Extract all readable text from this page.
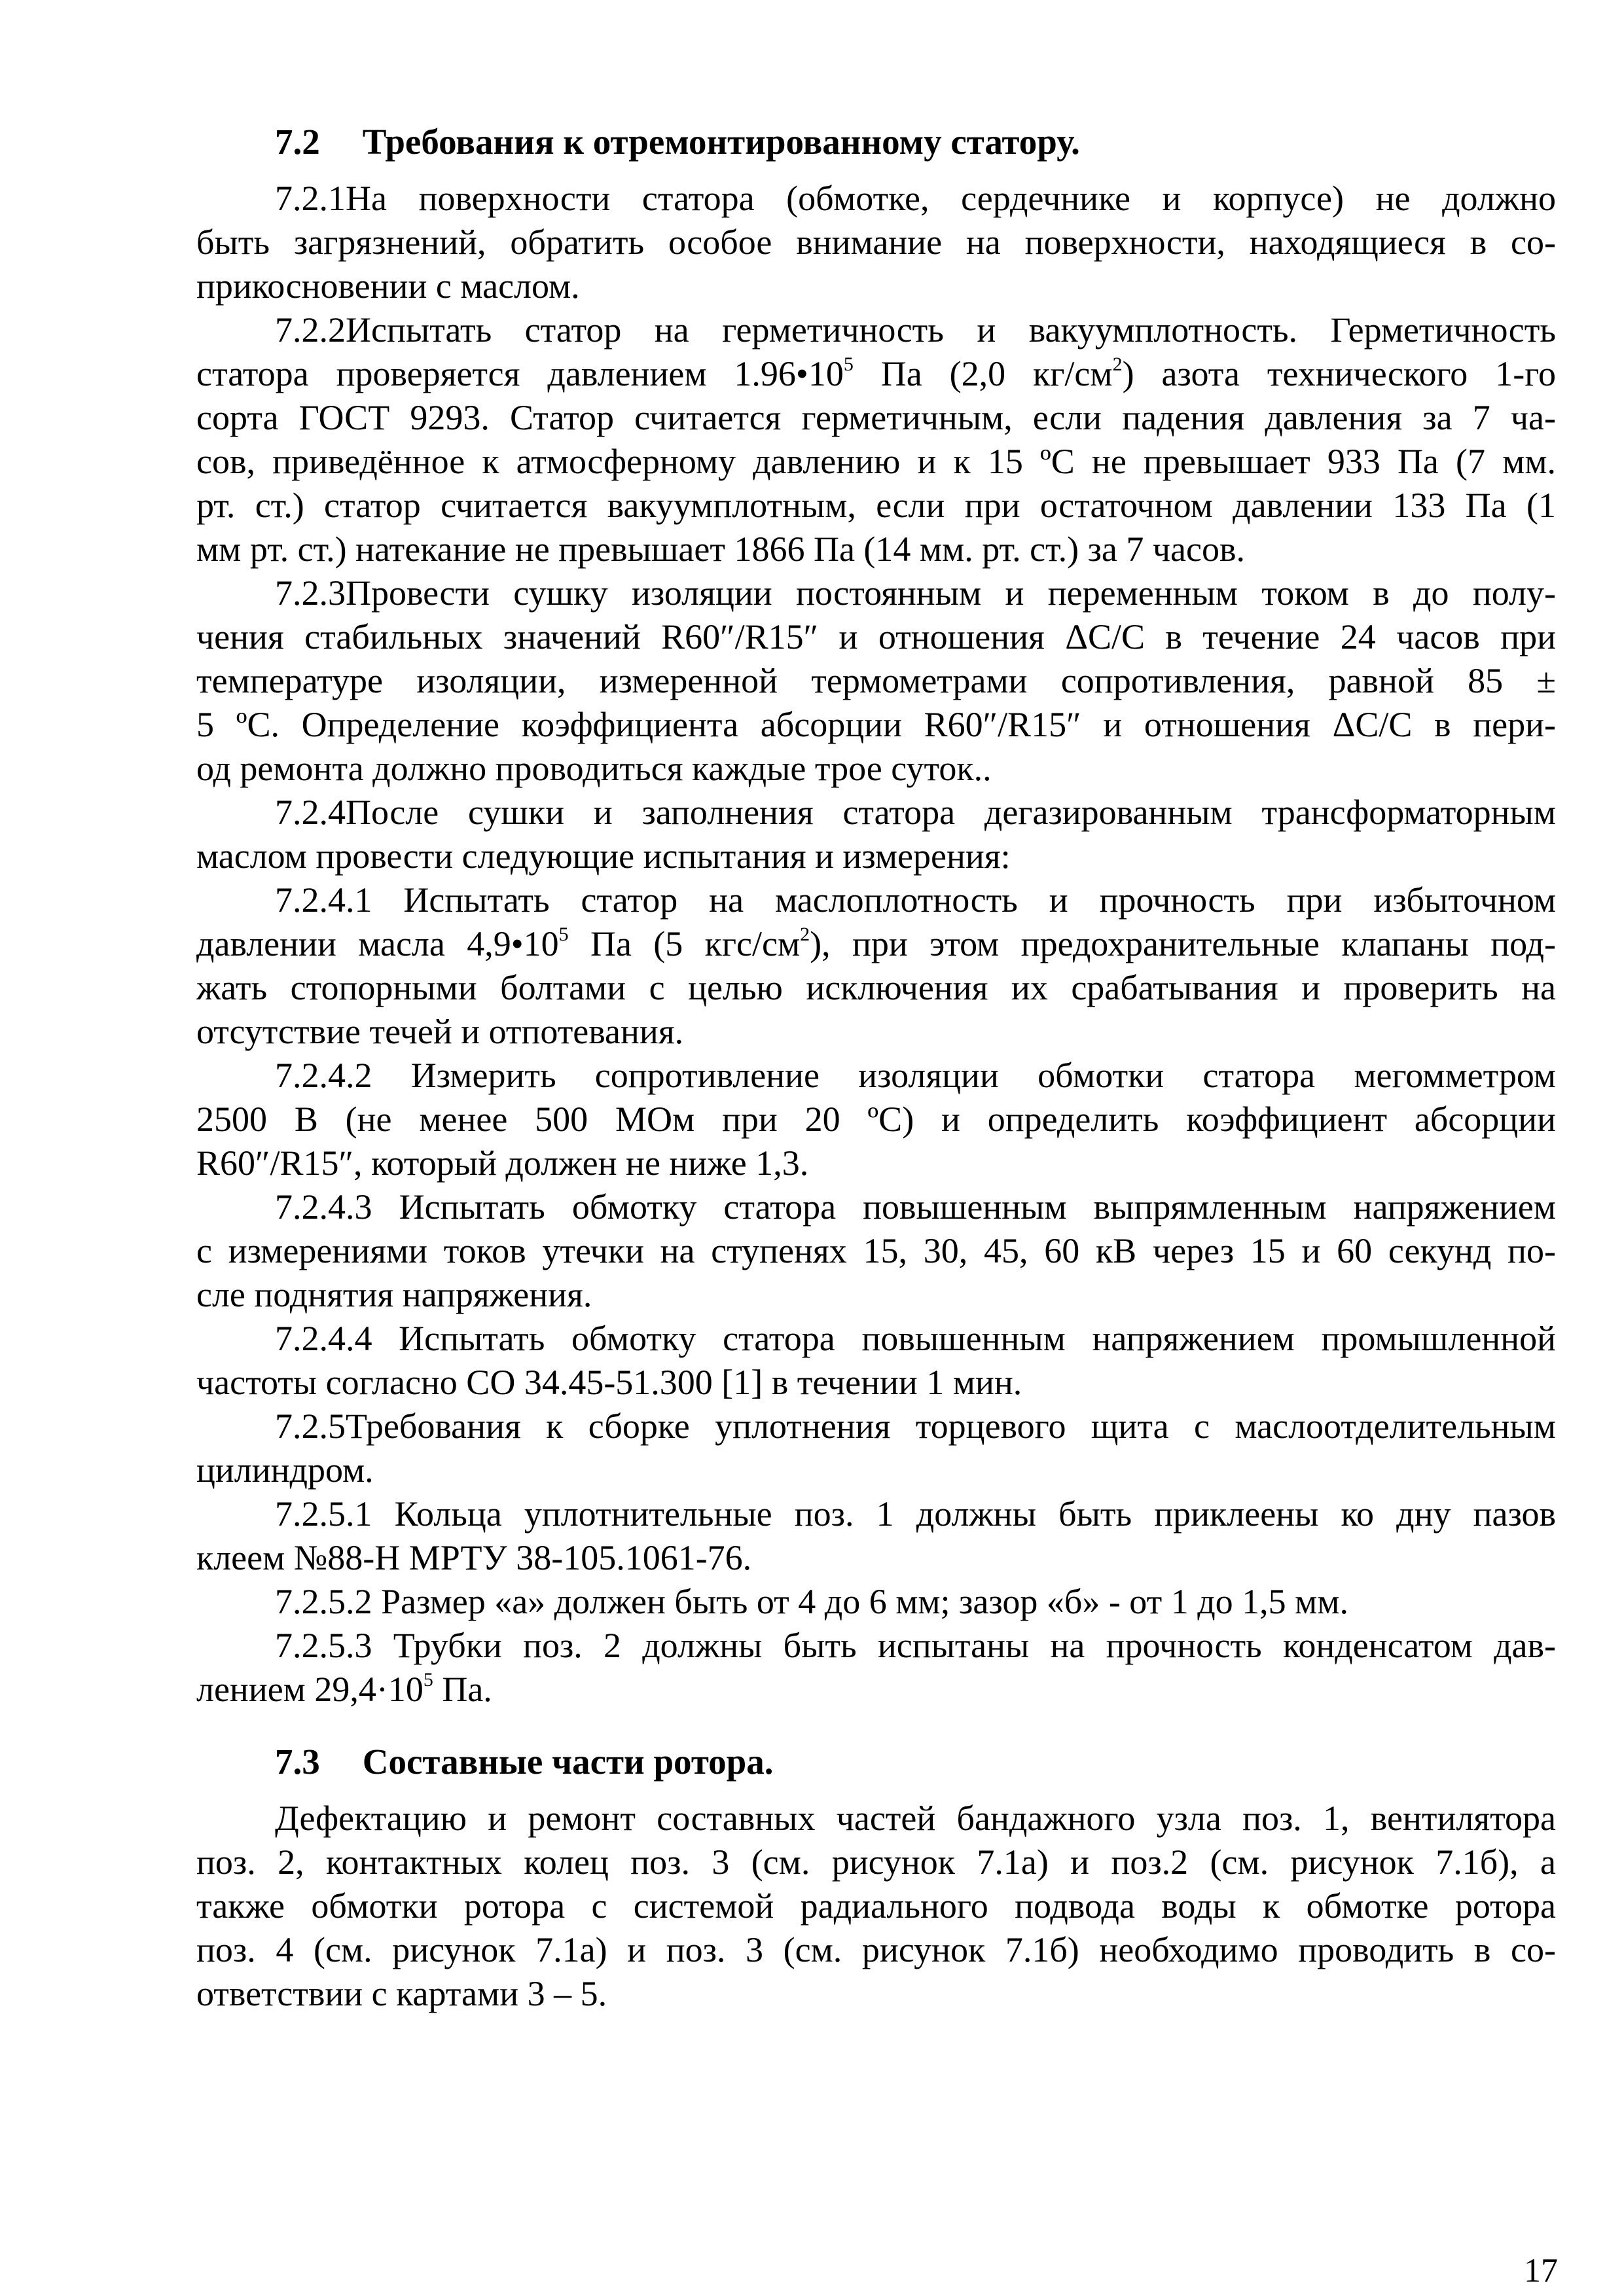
7.2 Требования к отремонтированному статору.
7.2.1На поверхности статора (обмотке, сердечнике и корпусе) не должно
быть загрязнений, обратить особое внимание на поверхности, находящиеся в со-
прикосновении с маслом.
7.2.2Испытать статор на герметичность и вакуумплотность. Герметичность
статора проверяется давлением $1.96•10^5$ Па (2,0 $кг/см^2$) азота технического 1-го
сорта ГОСТ 9293. Статор считается герметичным, если падения давления за 7 ча-
сов, приведённое к атмосферному давлению и к 15 ºС не превышает 933 Па (7 мм.
рт. ст.) статор считается вакуумплотным, если при остаточном давлении 133 Па (1
мм рт. ст.) натекание не превышает 1866 Па (14 мм. рт. ст.) за 7 часов.
7.2.3Провести сушку изоляции постоянным и переменным током в до полу-
чения стабильных значений R60″/R15″ и отношения ΔС/С в течение 24 часов при
температуре изоляции, измеренной термометрами сопротивления, равной 85 ±
5 ºС. Определение коэффициента абсорции R60″/R15″ и отношения ΔС/С в пери-
од ремонта должно проводиться каждые трое суток..
7.2.4После сушки и заполнения статора дегазированным трансформаторным
маслом провести следующие испытания и измерения:
7.2.4.1 Испытать статор на маслоплотность и прочность при избыточном
давлении масла $4,9•10^5$ Па (5 кгс/$см^2$), при этом предохранительные клапаны под-
жать стопорными болтами с целью исключения их срабатывания и проверить на
отсутствие течей и отпотевания.
7.2.4.2 Измерить сопротивление изоляции обмотки статора мегомметром
2500 В (не менее 500 МОм при 20 ºС) и определить коэффициент абсорции
R60″/R15″, который должен не ниже 1,3.
7.2.4.3 Испытать обмотку статора повышенным выпрямленным напряжением
с измерениями токов утечки на ступенях 15, 30, 45, 60 кВ через 15 и 60 секунд по-
сле поднятия напряжения.
7.2.4.4 Испытать обмотку статора повышенным напряжением промышленной
частоты согласно СО 34.45-51.300 [1] в течении 1 мин.
7.2.5Требования к сборке уплотнения торцевого щита с маслоотделительным
цилиндром.
7.2.5.1 Кольца уплотнительные поз. 1 должны быть приклеены ко дну пазов
клеем №88-Н МРТУ 38-105.1061-76.
7.2.5.2 Размер «а» должен быть от 4 до 6 мм; зазор «б» - от 1 до 1,5 мм.
7.2.5.3 Трубки поз. 2 должны быть испытаны на прочность конденсатом дав-
лением $29,4\cdot 10^5$ Па.
7.3 Составные части ротора.
Дефектацию и ремонт составных частей бандажного узла поз. 1, вентилятора
поз. 2, контактных колец поз. 3 (см. рисунок 7.1а) и поз.2 (см. рисунок 7.1б), а
также обмотки ротора с системой радиального подвода воды к обмотке ротора
поз. 4 (см. рисунок 7.1а) и поз. 3 (см. рисунок 7.1б) необходимо проводить в со-
ответствии с картами 3 – 5.
17
